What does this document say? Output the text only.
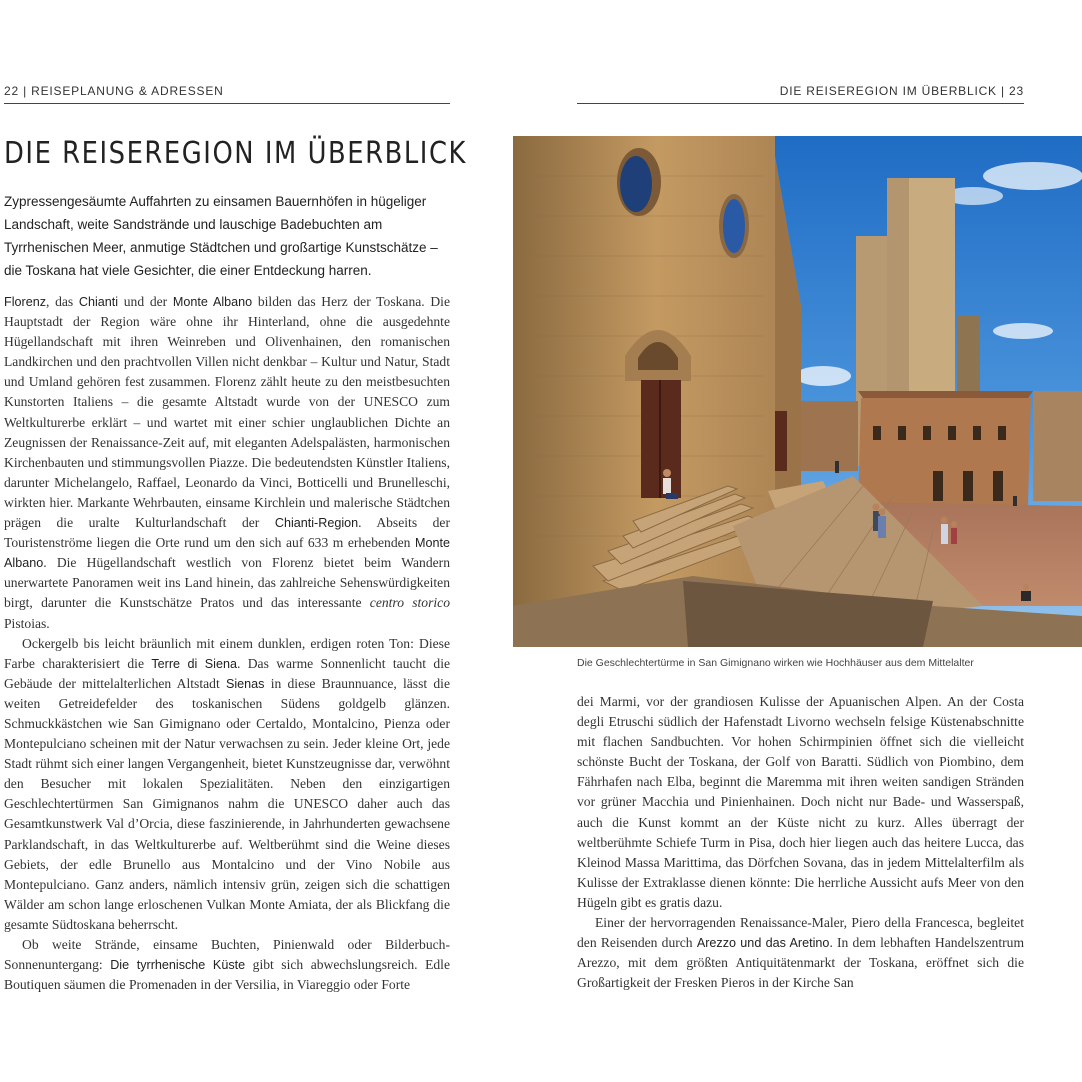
22 | REISEPLANUNG & ADRESSEN	DIE REISEREGION IM ÜBERBLICK | 23
DIE REISEREGION IM ÜBERBLICK

Zypressengesäumte Auffahrten zu einsamen Bauernhöfen in hügeliger Landschaft, weite Sandstrände und lauschige Badebuchten am Tyrrhenischen Meer, anmutige Städtchen und großartige Kunstschätze – die Toskana hat viele Gesichter, die einer Entdeckung harren.

Florenz, das Chianti und der Monte Albano bilden das Herz der Toskana. Die Hauptstadt der Region wäre ohne ihr Hinterland, ohne die ausgedehnte Hügellandschaft mit ihren Weinreben und Olivenhainen, den romanischen Landkirchen und den prachtvollen Villen nicht denkbar – Kultur und Natur, Stadt und Umland gehören fest zusammen. Florenz zählt heute zu den meistbesuchten Kunstorten Italiens – die gesamte Altstadt wurde von der UNESCO zum Weltkulturerbe erklärt – und wartet mit einer schier unglaublichen Dichte an Zeugnissen der Renaissance-Zeit auf, mit eleganten Adelspalästen, harmonischen Kirchenbauten und stimmungsvollen Piazze. Die bedeutendsten Künstler Italiens, darunter Michelangelo, Raffael, Leonardo da Vinci, Botticelli und Brunelleschi, wirkten hier. Markante Wehrbauten, einsame Kirchlein und malerische Städtchen prägen die uralte Kulturlandschaft der Chianti-Region. Abseits der Touristenströme liegen die Orte rund um den sich auf 633 m erhebenden Monte Albano. Die Hügellandschaft westlich von Florenz bietet beim Wandern unerwartete Panoramen weit ins Land hinein, das zahlreiche Sehenswürdigkeiten birgt, darunter die Kunstschätze Pratos und das interessante centro storico Pistoias.

Ockergelb bis leicht bräunlich mit einem dunklen, erdigen roten Ton: Diese Farbe charakterisiert die Terre di Siena. Das warme Sonnenlicht taucht die Gebäude der mittelalterlichen Altstadt Sienas in diese Braunnuance, lässt die weiten Getreidefelder des toskanischen Südens goldgelb glänzen. Schmuckkästchen wie San Gimignano oder Certaldo, Montalcino, Pienza oder Montepulciano scheinen mit der Natur verwachsen zu sein. Jeder kleine Ort, jede Stadt rühmt sich einer langen Vergangenheit, bietet Kunstzeugnisse dar, verwöhnt den Besucher mit lokalen Spezialitäten. Neben den einzigartigen Geschlechtertürmen San Gimignanos nahm die UNESCO daher auch das Gesamtkunstwerk Val d’Orcia, diese faszinierende, in Jahrhunderten gewachsene Parklandschaft, in das Weltkulturerbe auf. Weltberühmt sind die Weine dieses Gebiets, der edle Brunello aus Montalcino und der Vino Nobile aus Montepulciano. Ganz anders, nämlich intensiv grün, zeigen sich die schattigen Wälder am schon lange erloschenen Vulkan Monte Amiata, der als Blickfang die gesamte Südtoskana beherrscht.

Ob weite Strände, einsame Buchten, Pinienwald oder Bilderbuch-Sonnenuntergang: Die tyrrhenische Küste gibt sich abwechslungsreich. Edle Boutiquen säumen die Promenaden in der Versilia, in Viareggio oder Forte

Die Geschlechtertürme in San Gimignano wirken wie Hochhäuser aus dem Mittelalter

dei Marmi, vor der grandiosen Kulisse der Apuanischen Alpen. An der Costa degli Etruschi südlich der Hafenstadt Livorno wechseln felsige Küstenabschnitte mit flachen Sandbuchten. Vor hohen Schirmpinien öffnet sich die vielleicht schönste Bucht der Toskana, der Golf von Baratti. Südlich von Piombino, dem Fährhafen nach Elba, beginnt die Maremma mit ihren weiten sandigen Stränden vor grüner Macchia und Pinienhainen. Doch nicht nur Bade- und Wasserspaß, auch die Kunst kommt an der Küste nicht zu kurz. Alles überragt der weltberühmte Schiefe Turm in Pisa, doch hier liegen auch das heitere Lucca, das Kleinod Massa Marittima, das Dörfchen Sovana, das in jedem Mittelalterfilm als Kulisse der Extraklasse dienen könnte: Die herrliche Aussicht aufs Meer von den Hügeln gibt es gratis dazu.

Einer der hervorragenden Renaissance-Maler, Piero della Francesca, begleitet den Reisenden durch Arezzo und das Aretino. In dem lebhaften Handelszentrum Arezzo, mit dem größten Antiquitätenmarkt der Toskana, eröffnet sich die Großartigkeit der Fresken Pieros in der Kirche San
